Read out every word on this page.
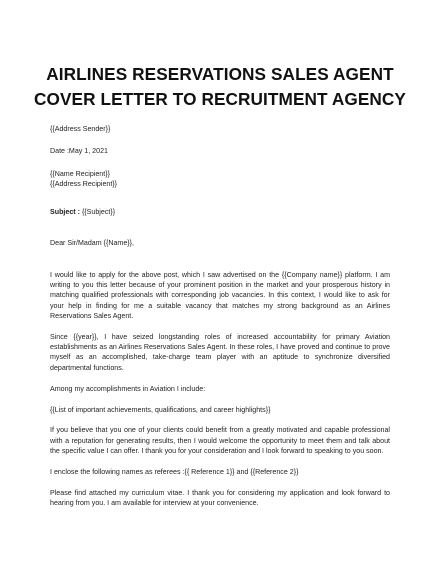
AIRLINES RESERVATIONS SALES AGENT
COVER LETTER TO RECRUITMENT AGENCY
{{Address Sender}}
Date :May 1, 2021
{{Name Recipient}}
{{Address Recipient}}
Subject : {{Subject}}
Dear Sir/Madam {{Name}},
I would like to apply for the above post, which I saw advertised on the {{Company name}} platform. I am writing to you this letter because of your prominent position in the market and your prosperous history in matching qualified professionals with corresponding job vacancies. In this context, I would like to ask for your help in finding for me a suitable vacancy that matches my strong background as an Airlines Reservations Sales Agent.
Since {{year}}, I have seized longstanding roles of increased accountability for primary Aviation establishments as an Airlines Reservations Sales Agent. In these roles, I have proved and continue to prove myself as an accomplished, take-charge team player with an aptitude to synchronize diversified departmental functions.
Among my accomplishments in Aviation I include:
{{List of important achievements, qualifications, and career highlights}}
If you believe that you one of your clients could benefit from a greatly motivated and capable professional with a reputation for generating results, then I would welcome the opportunity to meet them and talk about the specific value I can offer. I thank you for your consideration and I look forward to speaking to you soon.
I enclose the following names as referees :{{ Reference 1}} and {{Reference 2}}
Please find attached my curriculum vitae. I thank you for considering my application and look forward to hearing from you. I am available for interview at your convenience.
